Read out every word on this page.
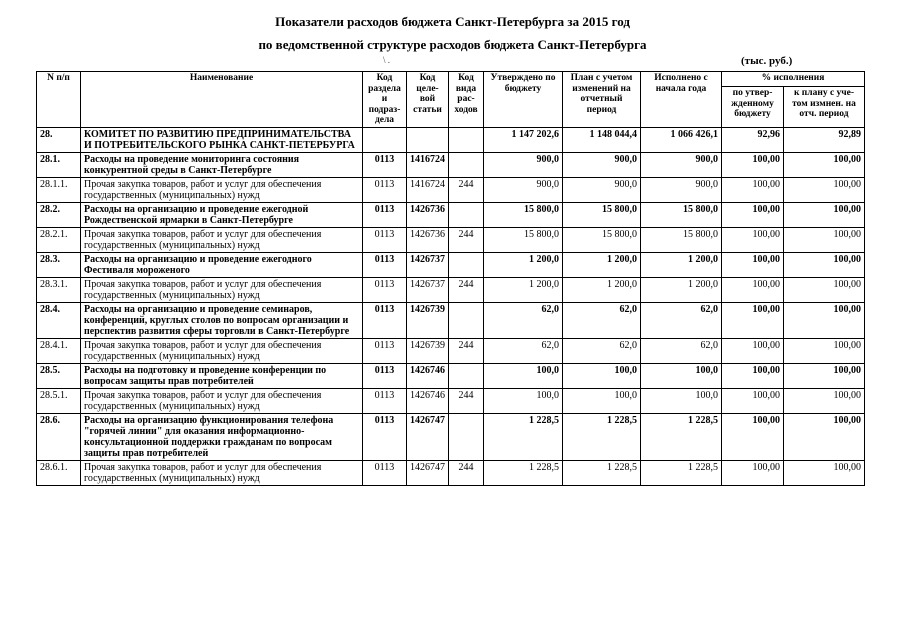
Показатели расходов бюджета Санкт-Петербурга за 2015 год
по ведомственной структуре расходов бюджета Санкт-Петербурга
\ .	(тыс. руб.)
N п/п	Наименование	Код раздела и подраз-дела	Код целе-вой статьи	Код вида рас-ходов	Утверждено по бюджету	План с учетом изменений на отчетный период	Исполнено с начала года	% исполнения	
								по утвер-жденному бюджету	к плану с уче-том измнен. на отч. период
28.	КОМИТЕТ ПО РАЗВИТИЮ ПРЕДПРИНИМАТЕЛЬСТВА И ПОТРЕБИТЕЛЬСКОГО РЫНКА САНКТ-ПЕТЕРБУРГА				1 147 202,6	1 148 044,4	1 066 426,1	92,96	92,89
28.1.	Расходы на проведение мониторинга состояния конкурентной среды в Санкт-Петербурге	0113	1416724		900,0	900,0	900,0	100,00	100,00
28.1.1.	Прочая закупка товаров, работ и услуг для обеспечения государственных (муниципальных) нужд	0113	1416724	244	900,0	900,0	900,0	100,00	100,00
28.2.	Расходы на организацию и проведение ежегодной Рождественской ярмарки в Санкт-Петербурге	0113	1426736		15 800,0	15 800,0	15 800,0	100,00	100,00
28.2.1.	Прочая закупка товаров, работ и услуг для обеспечения государственных (муниципальных) нужд	0113	1426736	244	15 800,0	15 800,0	15 800,0	100,00	100,00
28.3.	Расходы на организацию и проведение ежегодного Фестиваля мороженого	0113	1426737		1 200,0	1 200,0	1 200,0	100,00	100,00
28.3.1.	Прочая закупка товаров, работ и услуг для обеспечения государственных (муниципальных) нужд	0113	1426737	244	1 200,0	1 200,0	1 200,0	100,00	100,00
28.4.	Расходы на организацию и проведение семинаров, конференций, круглых столов по вопросам организации и перспектив развития сферы торговли в Санкт-Петербурге	0113	1426739		62,0	62,0	62,0	100,00	100,00
28.4.1.	Прочая закупка товаров, работ и услуг для обеспечения государственных (муниципальных) нужд	0113	1426739	244	62,0	62,0	62,0	100,00	100,00
28.5.	Расходы на подготовку и проведение конференции по вопросам защиты прав потребителей	0113	1426746		100,0	100,0	100,0	100,00	100,00
28.5.1.	Прочая закупка товаров, работ и услуг для обеспечения государственных (муниципальных) нужд	0113	1426746	244	100,0	100,0	100,0	100,00	100,00
28.6.	Расходы на организацию функционирования телефона "горячей линии" для оказания информационно-консультационной поддержки гражданам по вопросам защиты прав потребителей	0113	1426747		1 228,5	1 228,5	1 228,5	100,00	100,00
28.6.1.	Прочая закупка товаров, работ и услуг для обеспечения государственных (муниципальных) нужд	0113	1426747	244	1 228,5	1 228,5	1 228,5	100,00	100,00
